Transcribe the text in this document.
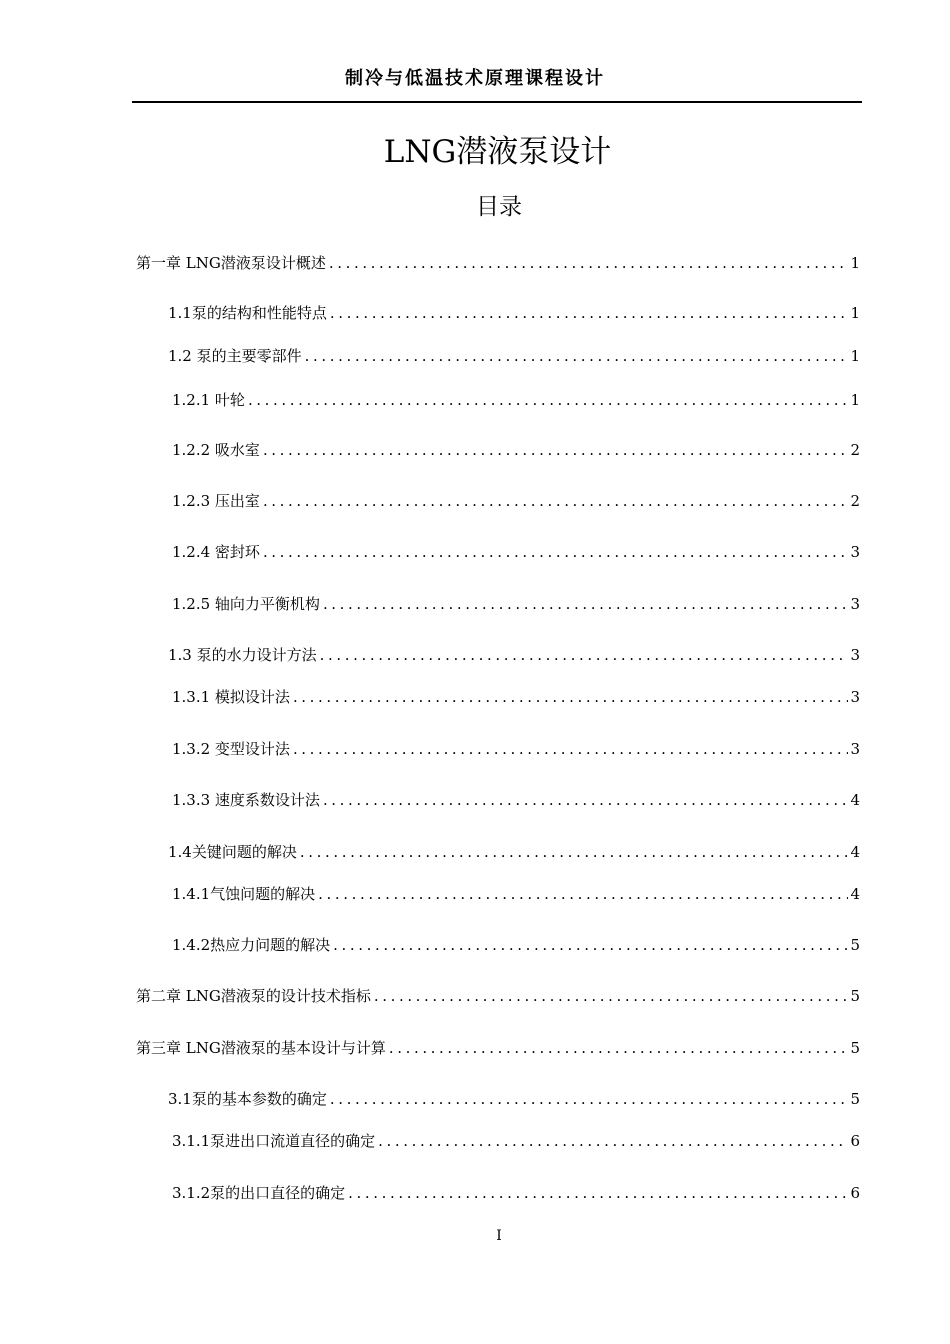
制冷与低温技术原理课程设计
LNG潜液泵设计
目录
第一章 LNG潜液泵设计概述 .....	1
1.1泵的结构和性能特点 .....	1
1.2 泵的主要零部件 .....	1
1.2.1 叶轮 .....	1
1.2.2 吸水室 .....	2
1.2.3 压出室 .....	2
1.2.4 密封环 .....	3
1.2.5 轴向力平衡机构 .....	3
1.3 泵的水力设计方法 .....	3
1.3.1 模拟设计法 .....	3
1.3.2 变型设计法 .....	3
1.3.3 速度系数设计法 .....	4
1.4关键问题的解决 .....	4
1.4.1气蚀问题的解决 .....	4
1.4.2热应力问题的解决 .....	5
第二章 LNG潜液泵的设计技术指标 .....	5
第三章 LNG潜液泵的基本设计与计算 .....	5
3.1泵的基本参数的确定 .....	5
3.1.1泵进出口流道直径的确定 .....	6
3.1.2泵的出口直径的确定 .....	6
I
